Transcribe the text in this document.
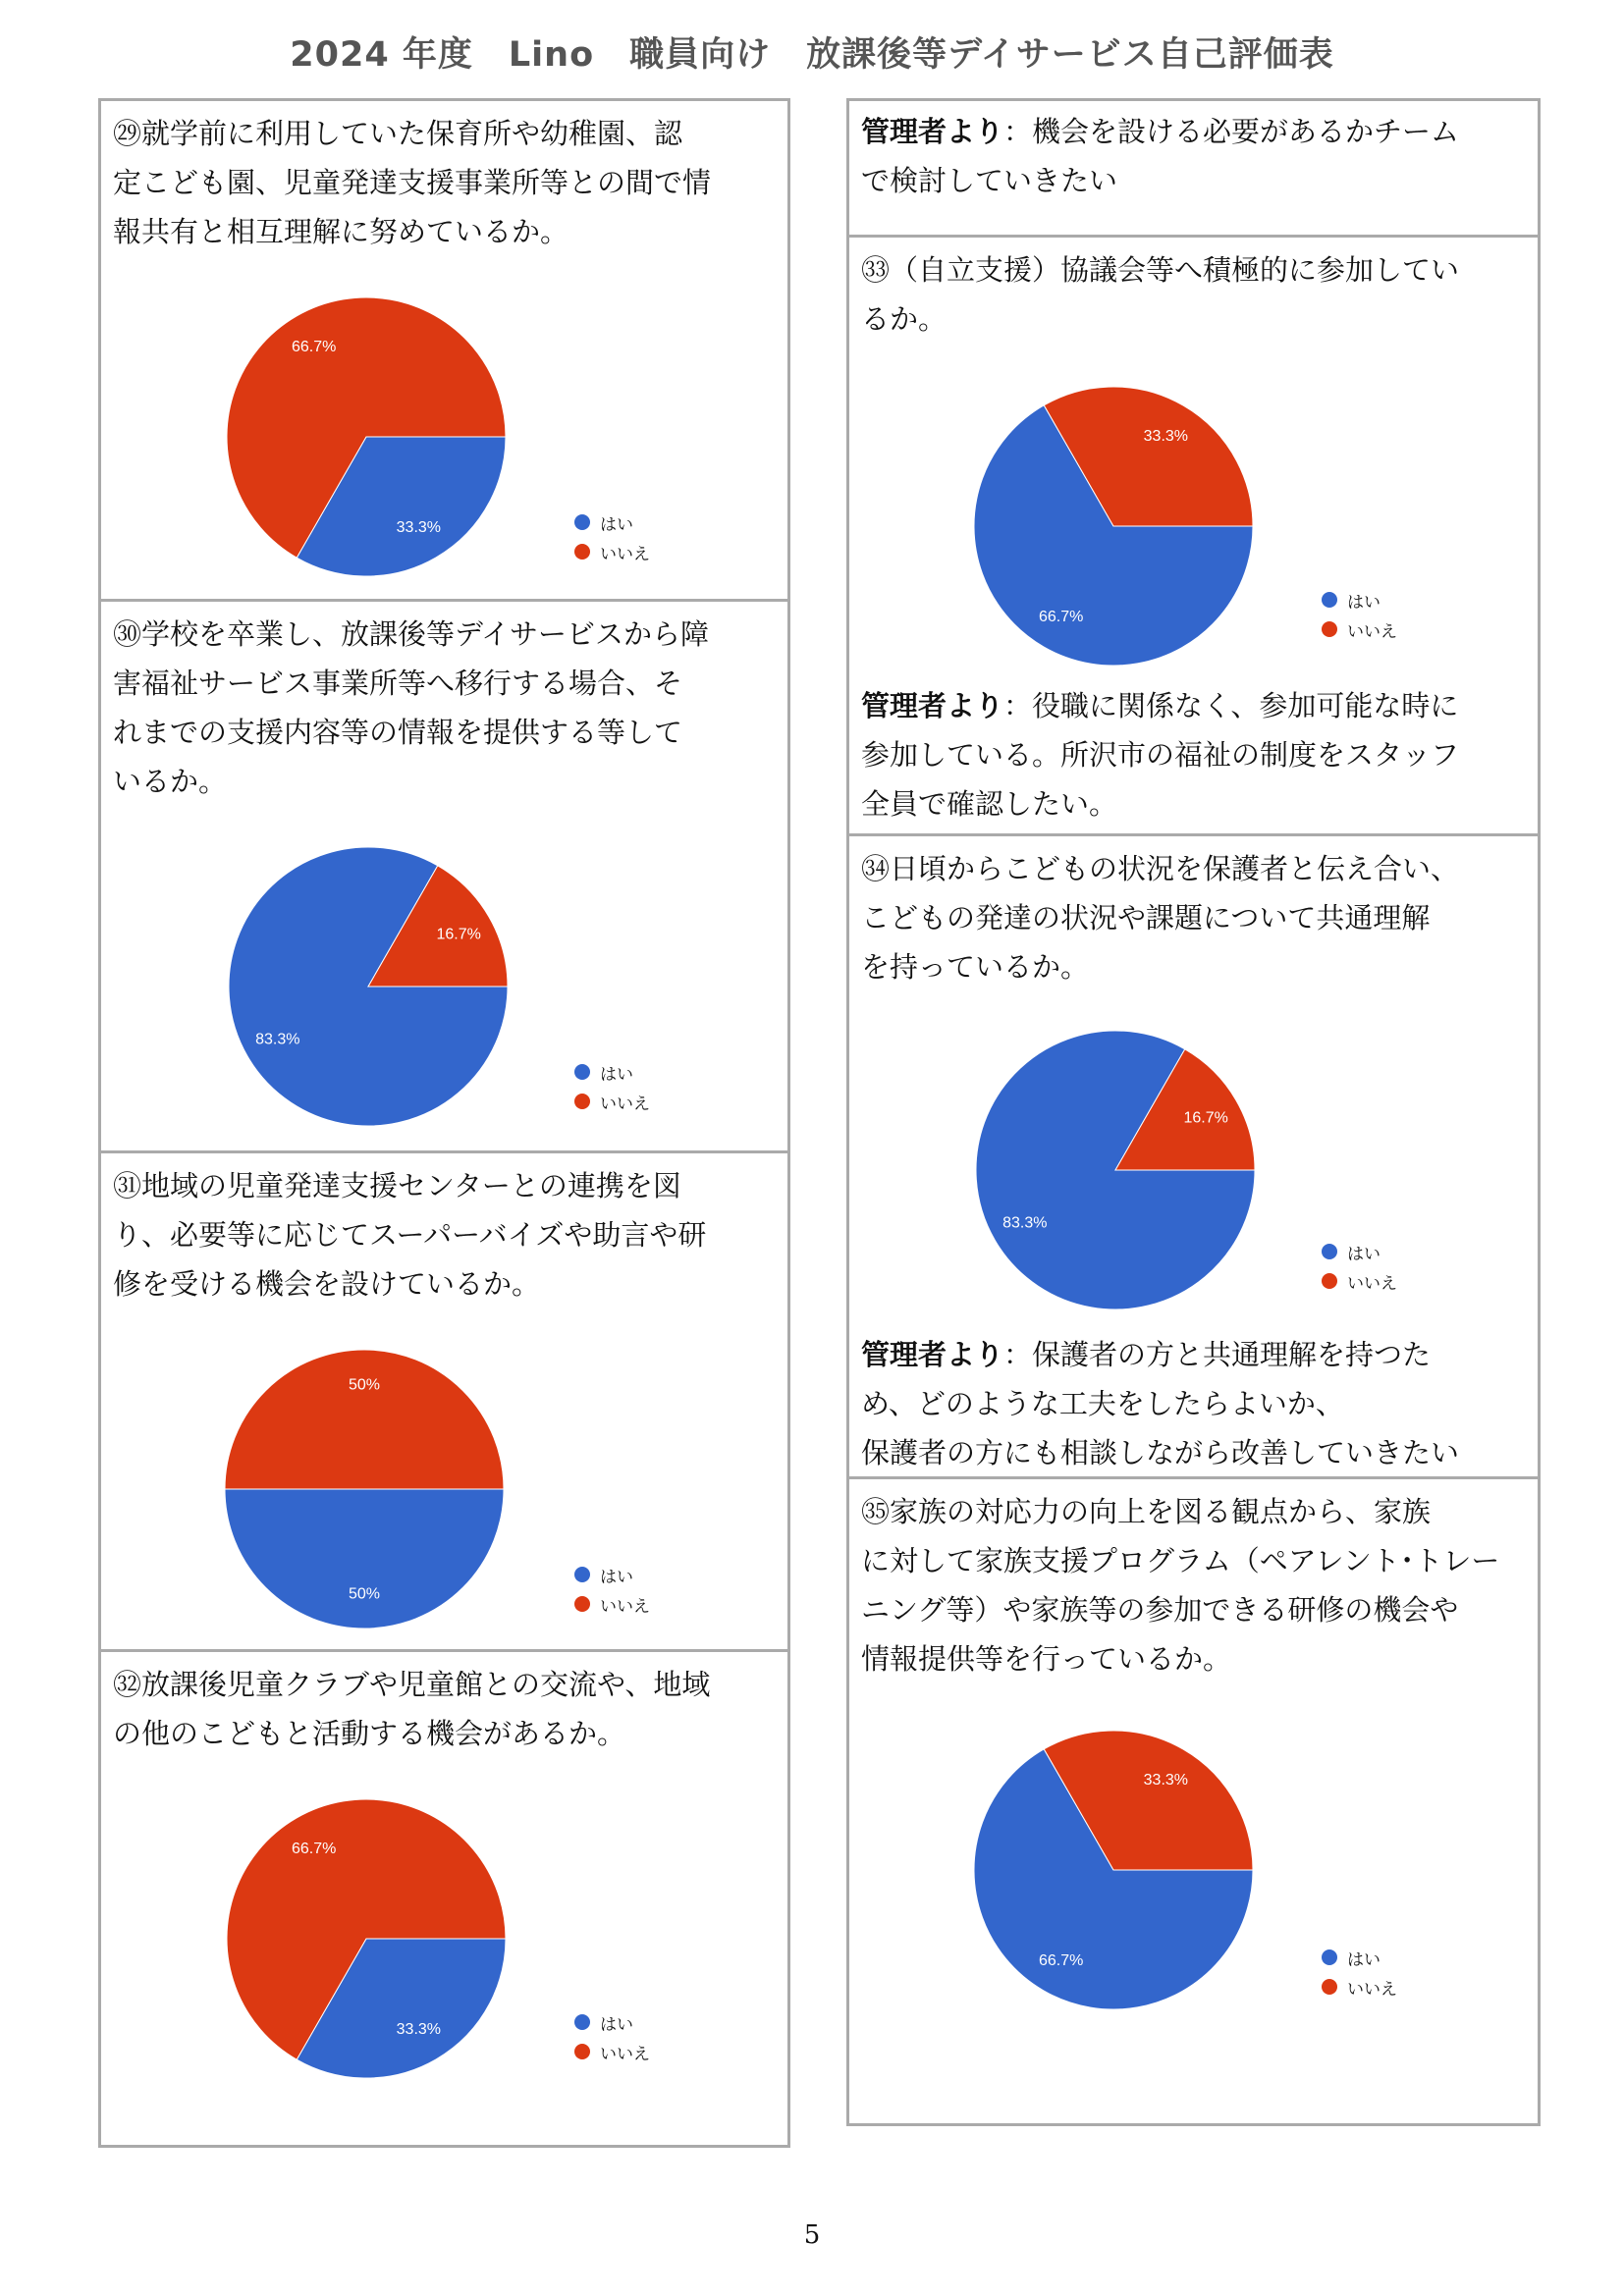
2024 年度　Lino　職員向け　放課後等デイサービス自己評価表
㉙就学前に利用していた保育所や幼稚園、認
定こども園、児童発達支援事業所等との間で情
報共有と相互理解に努めているか。
33.3%
66.7%
はい
いいえ
㉚学校を卒業し、放課後等デイサービスから障
害福祉サービス事業所等へ移行する場合、そ
れまでの支援内容等の情報を提供する等して
いるか。
83.3%
16.7%
はい
いいえ
㉛地域の児童発達支援センターとの連携を図
り、必要等に応じてスーパーバイズや助言や研
修を受ける機会を設けているか。
50%
50%
はい
いいえ
㉜放課後児童クラブや児童館との交流や、地域
の他のこどもと活動する機会があるか。
33.3%
66.7%
はい
いいえ
管理者より：機会を設ける必要があるかチーム
で検討していきたい
㉝（自立支援）協議会等へ積極的に参加してい
るか。
66.7%
33.3%
はい
いいえ
管理者より：役職に関係なく、参加可能な時に
参加している。所沢市の福祉の制度をスタッフ
全員で確認したい。
㉞日頃からこどもの状況を保護者と伝え合い、
こどもの発達の状況や課題について共通理解
を持っているか。
83.3%
16.7%
はい
いいえ
管理者より：保護者の方と共通理解を持つた
め、どのような工夫をしたらよいか、
保護者の方にも相談しながら改善していきたい
㉟家族の対応力の向上を図る観点から、家族
に対して家族支援プログラム（ペアレント･トレー
ニング等）や家族等の参加できる研修の機会や
情報提供等を行っているか。
66.7%
33.3%
はい
いいえ
5
